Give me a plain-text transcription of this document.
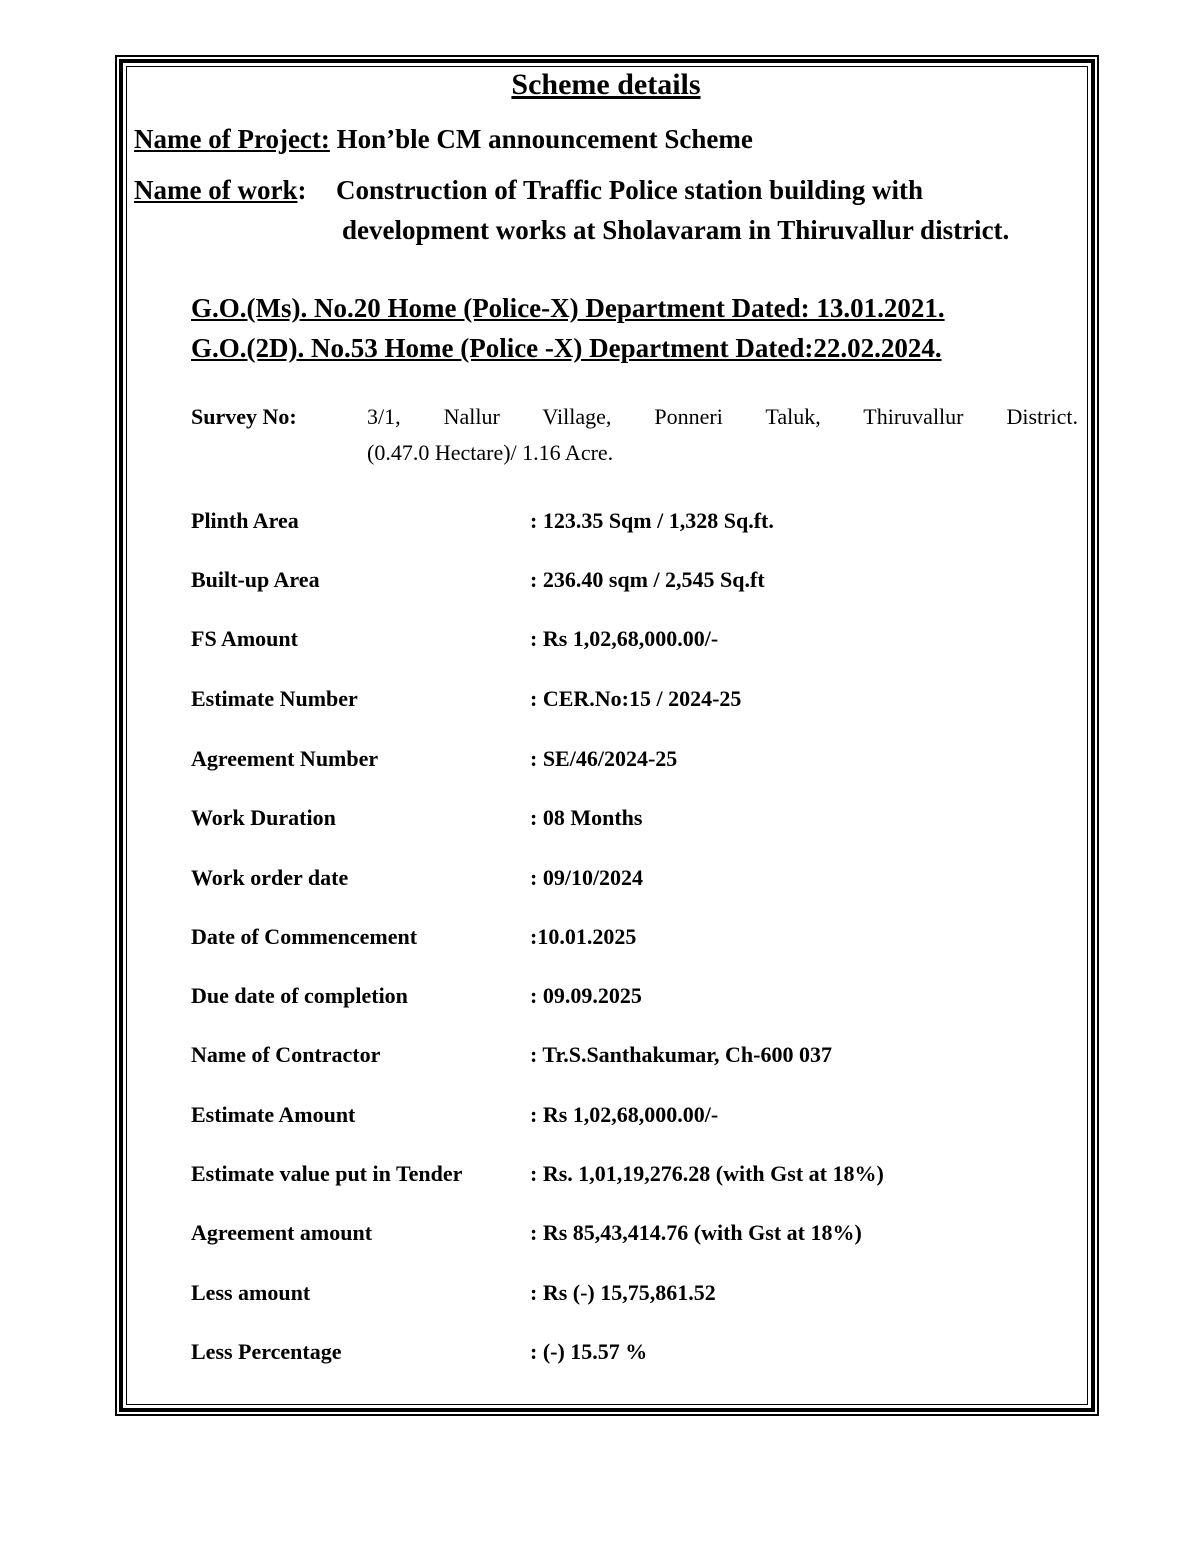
Scheme details
Name of Project: Hon’ble CM announcement Scheme
Name of work: Construction of Traffic Police station building with
development works at Sholavaram in Thiruvallur district.
G.O.(Ms). No.20 Home (Police-X) Department Dated: 13.01.2021.
G.O.(2D). No.53 Home (Police -X) Department Dated:22.02.2024.
Survey No:	3/1, Nallur Village, Ponneri Taluk, Thiruvallur District.
(0.47.0 Hectare)/ 1.16 Acre.
Plinth Area	: 123.35 Sqm / 1,328 Sq.ft.
Built-up Area	: 236.40 sqm / 2,545 Sq.ft
FS Amount	: Rs 1,02,68,000.00/-
Estimate Number	: CER.No:15 / 2024-25
Agreement Number	: SE/46/2024-25
Work Duration	: 08 Months
Work order date	: 09/10/2024
Date of Commencement	:10.01.2025
Due date of completion	: 09.09.2025
Name of Contractor	: Tr.S.Santhakumar, Ch-600 037
Estimate Amount	: Rs 1,02,68,000.00/-
Estimate value put in Tender	: Rs. 1,01,19,276.28 (with Gst at 18%)
Agreement amount	: Rs 85,43,414.76 (with Gst at 18%)
Less amount	: Rs (-) 15,75,861.52
Less Percentage	: (-) 15.57 %
